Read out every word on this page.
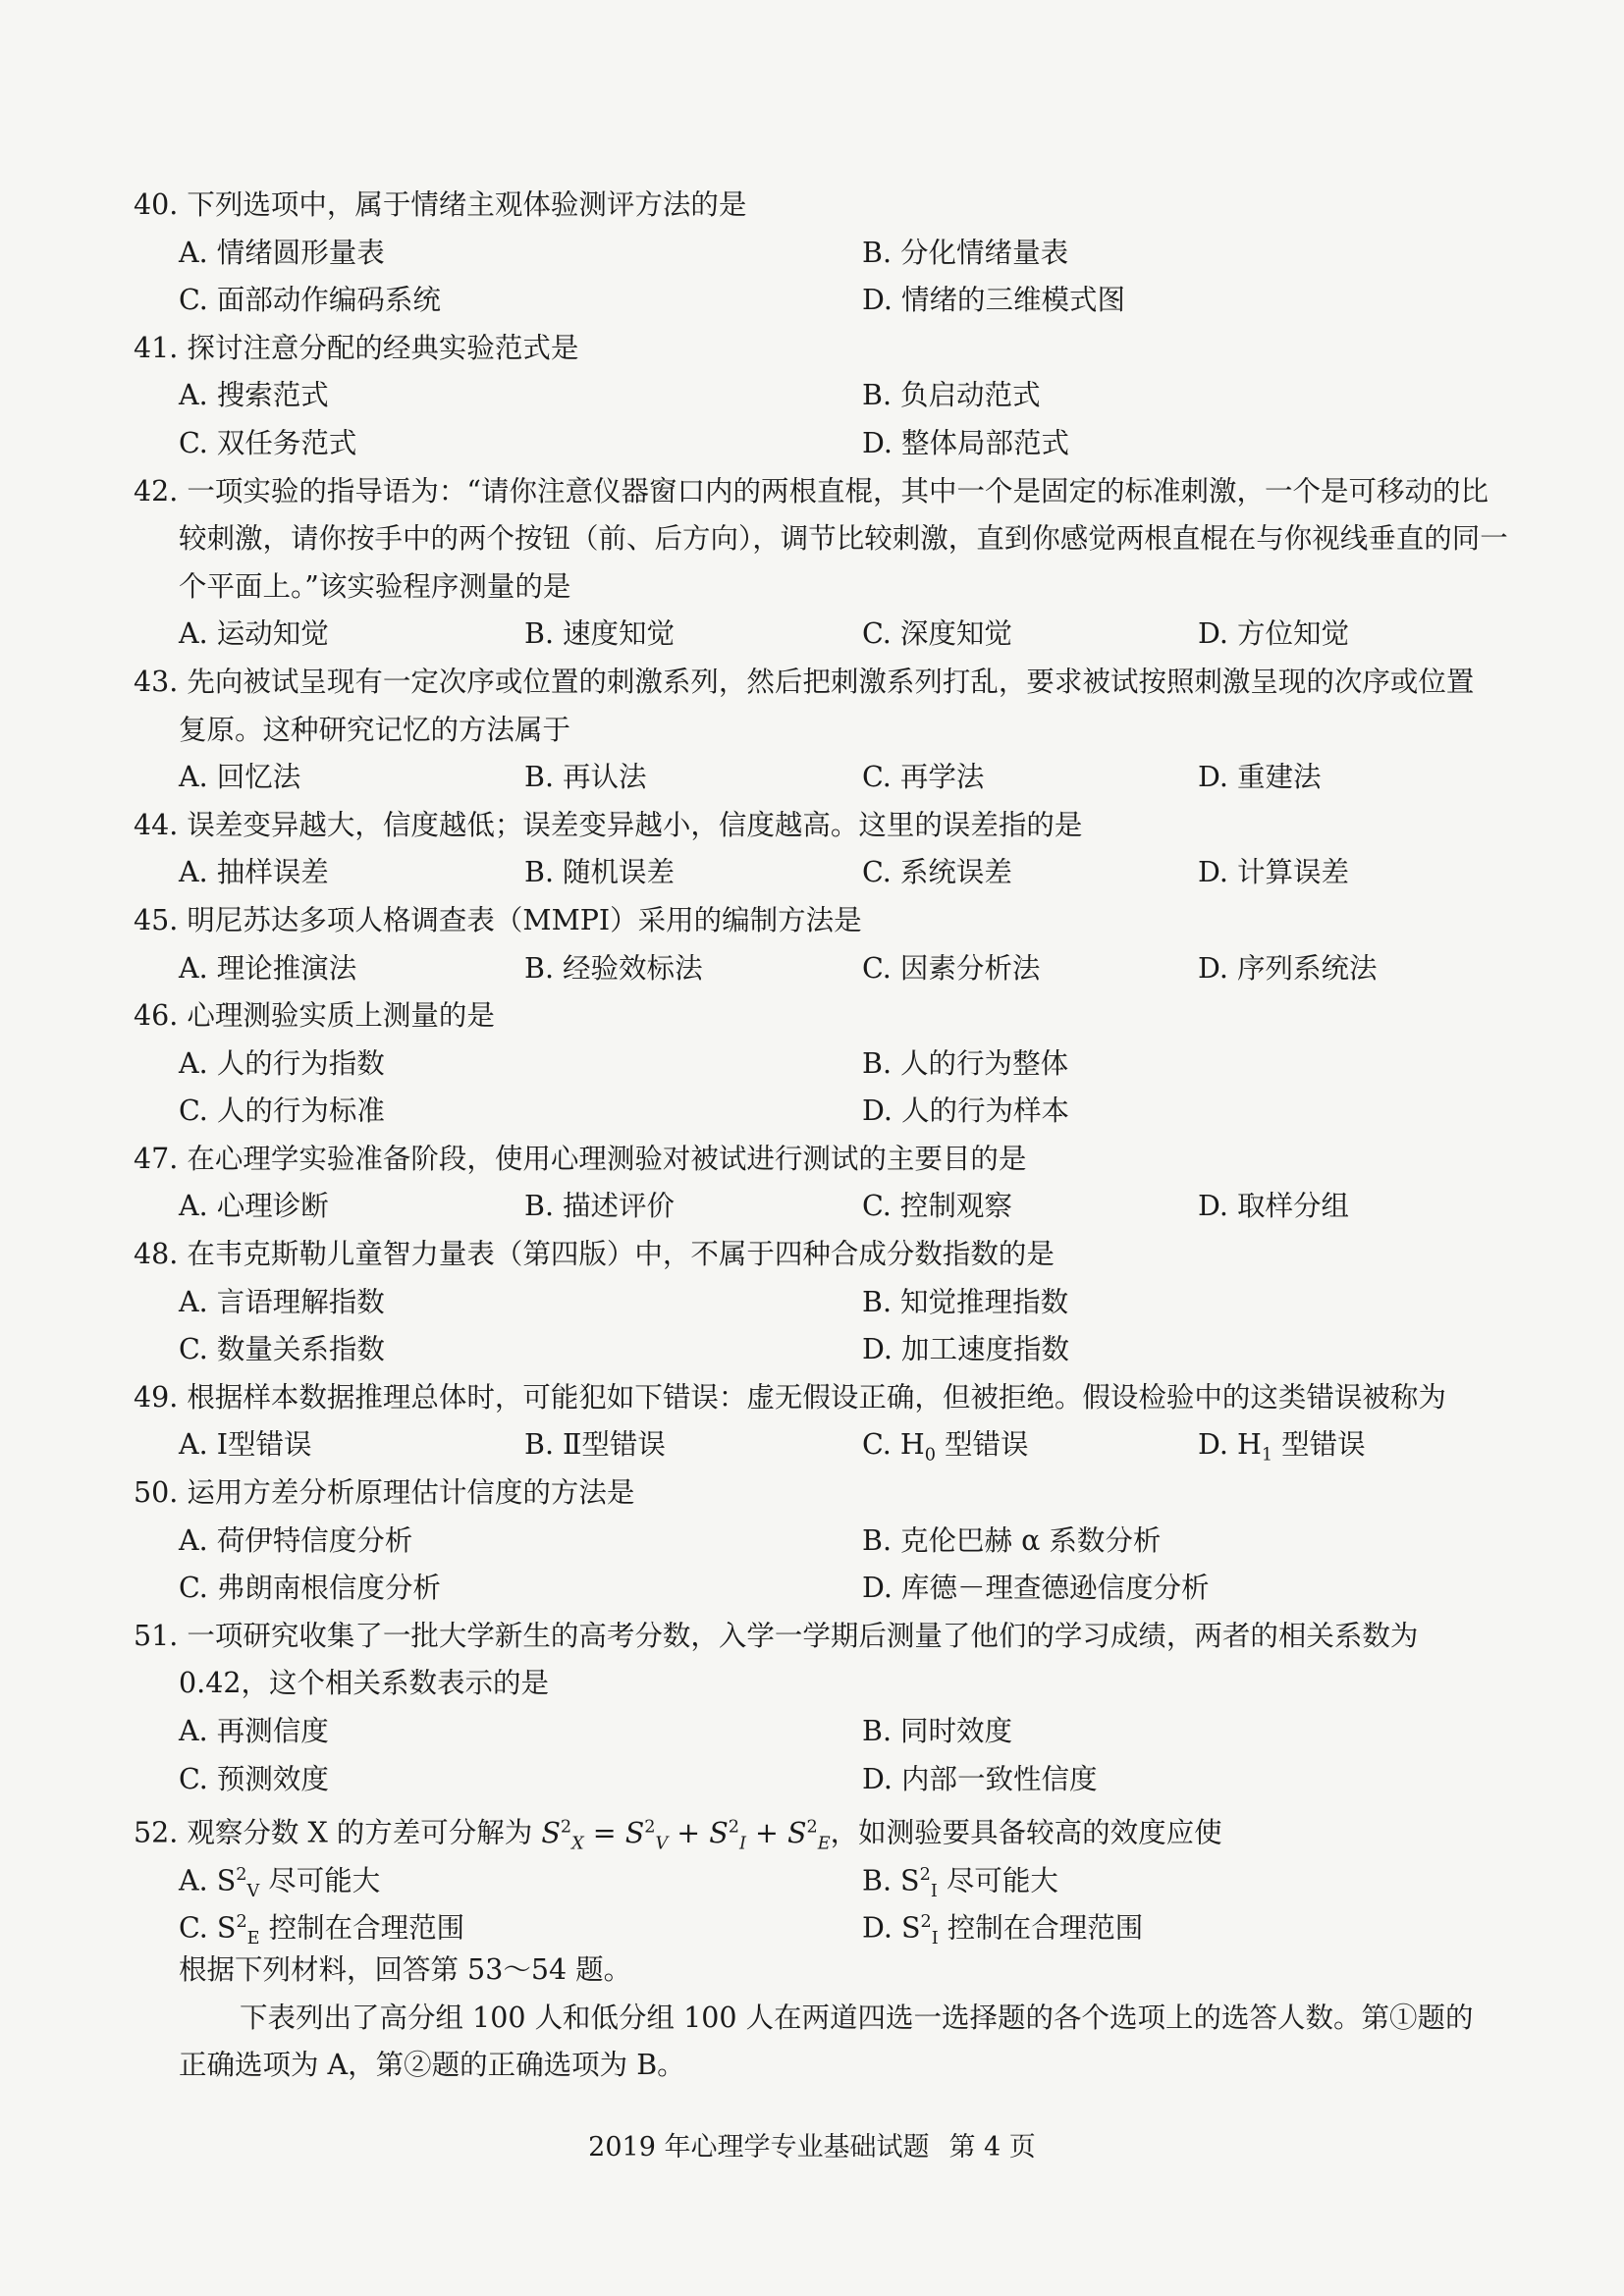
40. 下列选项中，属于情绪主观体验测评方法的是
A. 情绪圆形量表	B. 分化情绪量表
C. 面部动作编码系统	D. 情绪的三维模式图
41. 探讨注意分配的经典实验范式是
A. 搜索范式	B. 负启动范式
C. 双任务范式	D. 整体局部范式
42. 一项实验的指导语为：“请你注意仪器窗口内的两根直棍，其中一个是固定的标准刺激，一个是可移动的比
较刺激，请你按手中的两个按钮（前、后方向），调节比较刺激，直到你感觉两根直棍在与你视线垂直的同一
个平面上。”该实验程序测量的是
A. 运动知觉	B. 速度知觉	C. 深度知觉	D. 方位知觉
43. 先向被试呈现有一定次序或位置的刺激系列，然后把刺激系列打乱，要求被试按照刺激呈现的次序或位置
复原。这种研究记忆的方法属于
A. 回忆法	B. 再认法	C. 再学法	D. 重建法
44. 误差变异越大，信度越低；误差变异越小，信度越高。这里的误差指的是
A. 抽样误差	B. 随机误差	C. 系统误差	D. 计算误差
45. 明尼苏达多项人格调查表（MMPI）采用的编制方法是
A. 理论推演法	B. 经验效标法	C. 因素分析法	D. 序列系统法
46. 心理测验实质上测量的是
A. 人的行为指数	B. 人的行为整体
C. 人的行为标准	D. 人的行为样本
47. 在心理学实验准备阶段，使用心理测验对被试进行测试的主要目的是
A. 心理诊断	B. 描述评价	C. 控制观察	D. 取样分组
48. 在韦克斯勒儿童智力量表（第四版）中，不属于四种合成分数指数的是
A. 言语理解指数	B. 知觉推理指数
C. 数量关系指数	D. 加工速度指数
49. 根据样本数据推理总体时，可能犯如下错误：虚无假设正确，但被拒绝。假设检验中的这类错误被称为
A. Ⅰ型错误	B. Ⅱ型错误	C. $H_0$ 型错误	D. $H_1$ 型错误
50. 运用方差分析原理估计信度的方法是
A. 荷伊特信度分析	B. 克伦巴赫 α 系数分析
C. 弗朗南根信度分析	D. 库德－理查德逊信度分析
51. 一项研究收集了一批大学新生的高考分数，入学一学期后测量了他们的学习成绩，两者的相关系数为
0.42，这个相关系数表示的是
A. 再测信度	B. 同时效度
C. 预测效度	D. 内部一致性信度
52. 观察分数 X 的方差可分解为 $S^2_X = S^2_V + S^2_I + S^2_E$，如测验要具备较高的效度应使
A. $S^2_V$ 尽可能大	B. $S^2_I$ 尽可能大
C. $S^2_E$ 控制在合理范围	D. $S^2_I$ 控制在合理范围
根据下列材料，回答第 53～54 题。
下表列出了高分组 100 人和低分组 100 人在两道四选一选择题的各个选项上的选答人数。第①题的
正确选项为 A，第②题的正确选项为 B。
2019 年心理学专业基础试题 第 4 页
